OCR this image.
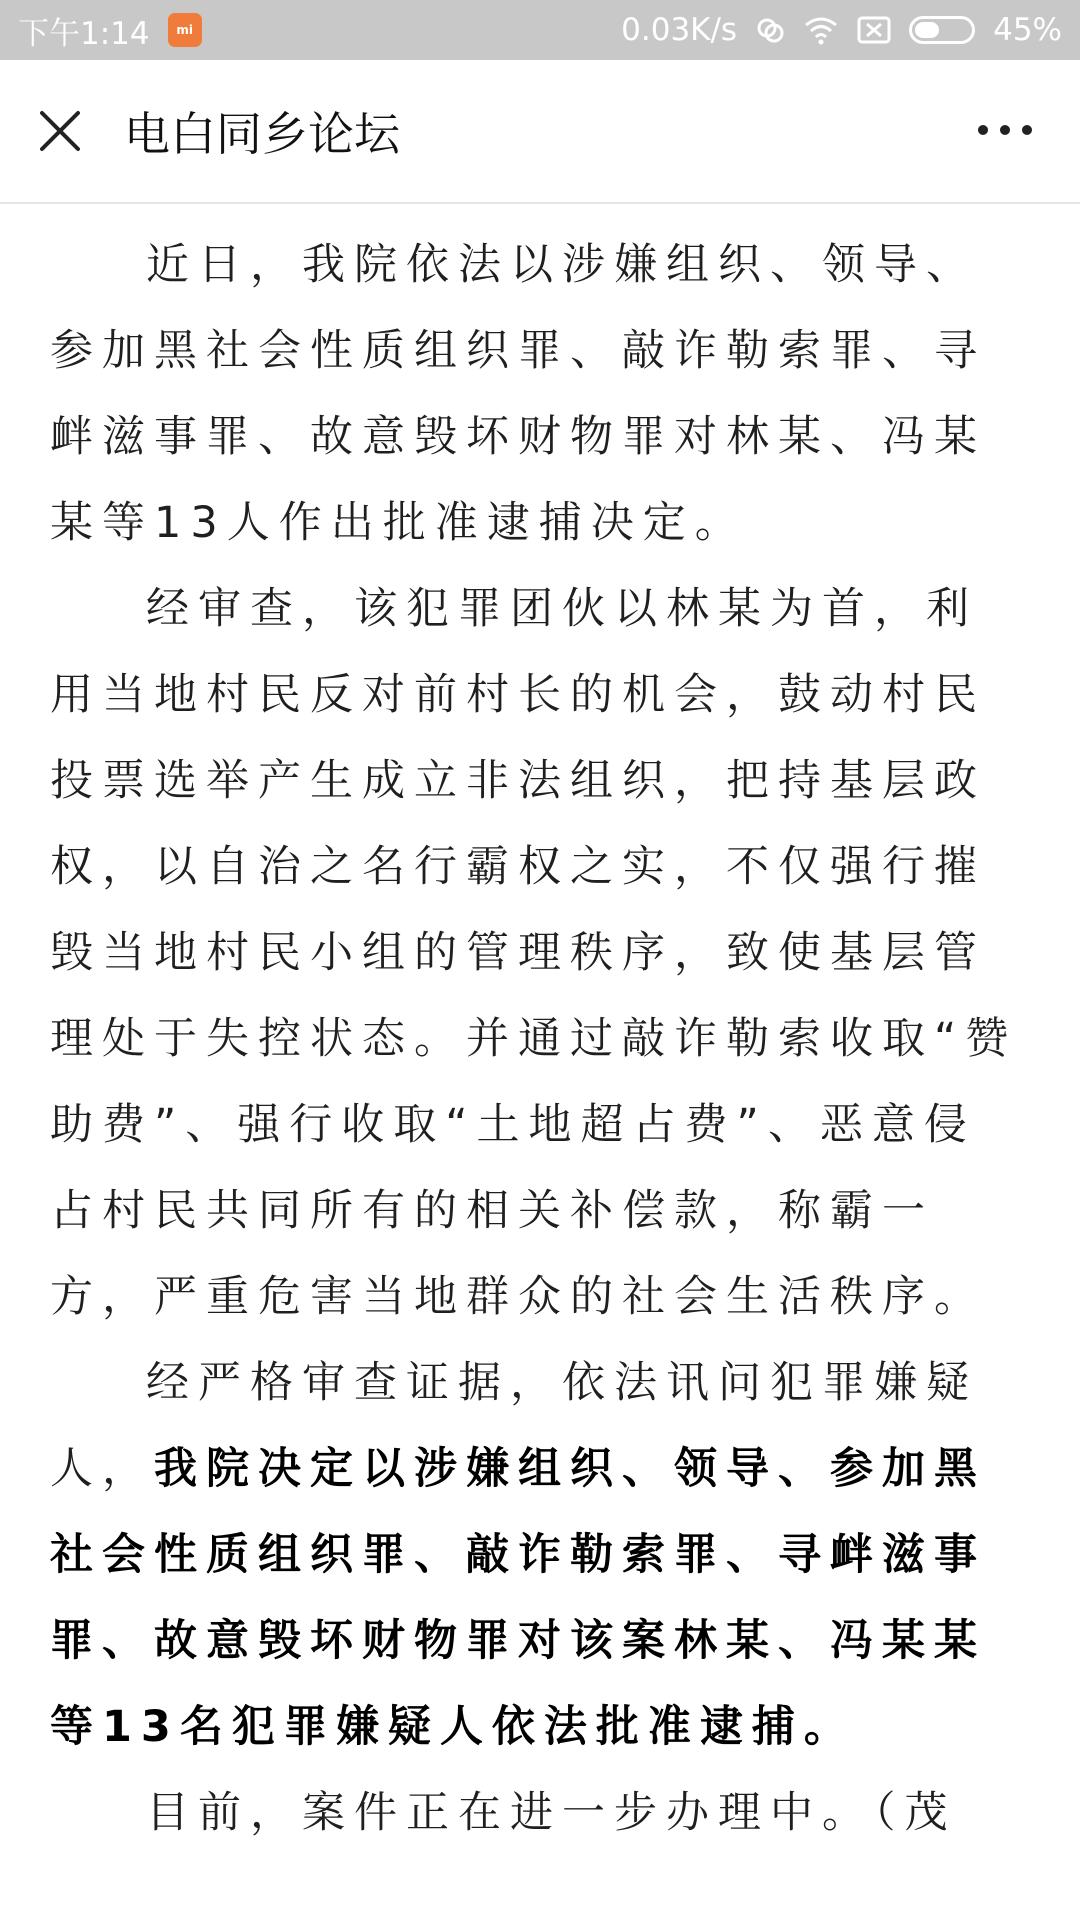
下午1:14	mi	0.03K/s	45%
电白同乡论坛

近日，我院依法以涉嫌组织、领导、参加黑社会性质组织罪、敲诈勒索罪、寻衅滋事罪、故意毁坏财物罪对林某、冯某某等13人作出批准逮捕决定。

经审查，该犯罪团伙以林某为首，利用当地村民反对前村长的机会，鼓动村民投票选举产生成立非法组织，把持基层政权，以自治之名行霸权之实，不仅强行摧毁当地村民小组的管理秩序，致使基层管理处于失控状态。并通过敲诈勒索收取“赞助费”、强行收取“土地超占费”、恶意侵占村民共同所有的相关补偿款，称霸一方，严重危害当地群众的社会生活秩序。

经严格审查证据，依法讯问犯罪嫌疑人，我院决定以涉嫌组织、领导、参加黑社会性质组织罪、敲诈勒索罪、寻衅滋事罪、故意毁坏财物罪对该案林某、冯某某等13名犯罪嫌疑人依法批准逮捕。

目前，案件正在进一步办理中。（茂
